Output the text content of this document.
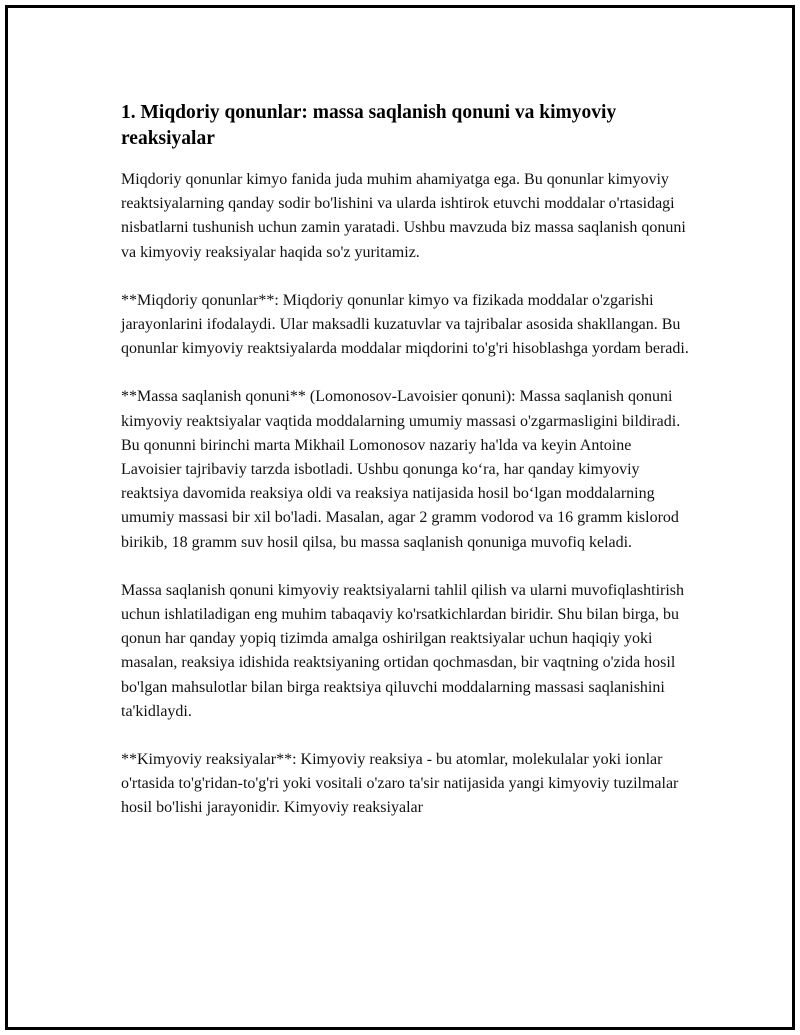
1. Miqdoriy qonunlar: massa saqlanish qonuni va kimyoviy reaksiyalar

Miqdoriy qonunlar kimyo fanida juda muhim ahamiyatga ega. Bu qonunlar kimyoviy reaktsiyalarning qanday sodir bo'lishini va ularda ishtirok etuvchi moddalar o'rtasidagi nisbatlarni tushunish uchun zamin yaratadi. Ushbu mavzuda biz massa saqlanish qonuni va kimyoviy reaksiyalar haqida so'z yuritamiz.

**Miqdoriy qonunlar**: Miqdoriy qonunlar kimyo va fizikada moddalar o'zgarishi jarayonlarini ifodalaydi. Ular maksadli kuzatuvlar va tajribalar asosida shakllangan. Bu qonunlar kimyoviy reaktsiyalarda moddalar miqdorini to'g'ri hisoblashga yordam beradi.

**Massa saqlanish qonuni** (Lomonosov-Lavoisier qonuni): Massa saqlanish qonuni kimyoviy reaktsiyalar vaqtida moddalarning umumiy massasi o'zgarmasligini bildiradi. Bu qonunni birinchi marta Mikhail Lomonosov nazariy ha'lda va keyin Antoine Lavoisier tajribaviy tarzda isbotladi. Ushbu qonunga ko‘ra, har qanday kimyoviy reaktsiya davomida reaksiya oldi va reaksiya natijasida hosil bo‘lgan moddalarning umumiy massasi bir xil bo'ladi. Masalan, agar 2 gramm vodorod va 16 gramm kislorod birikib, 18 gramm suv hosil qilsa, bu massa saqlanish qonuniga muvofiq keladi.

Massa saqlanish qonuni kimyoviy reaktsiyalarni tahlil qilish va ularni muvofiqlashtirish uchun ishlatiladigan eng muhim tabaqaviy ko'rsatkichlardan biridir. Shu bilan birga, bu qonun har qanday yopiq tizimda amalga oshirilgan reaktsiyalar uchun haqiqiy yoki masalan, reaksiya idishida reaktsiyaning ortidan qochmasdan, bir vaqtning o'zida hosil bo'lgan mahsulotlar bilan birga reaktsiya qiluvchi moddalarning massasi saqlanishini ta'kidlaydi.

**Kimyoviy reaksiyalar**: Kimyoviy reaksiya - bu atomlar, molekulalar yoki ionlar o'rtasida to'g'ridan-to'g'ri yoki vositali o'zaro ta'sir natijasida yangi kimyoviy tuzilmalar hosil bo'lishi jarayonidir. Kimyoviy reaksiyalar
